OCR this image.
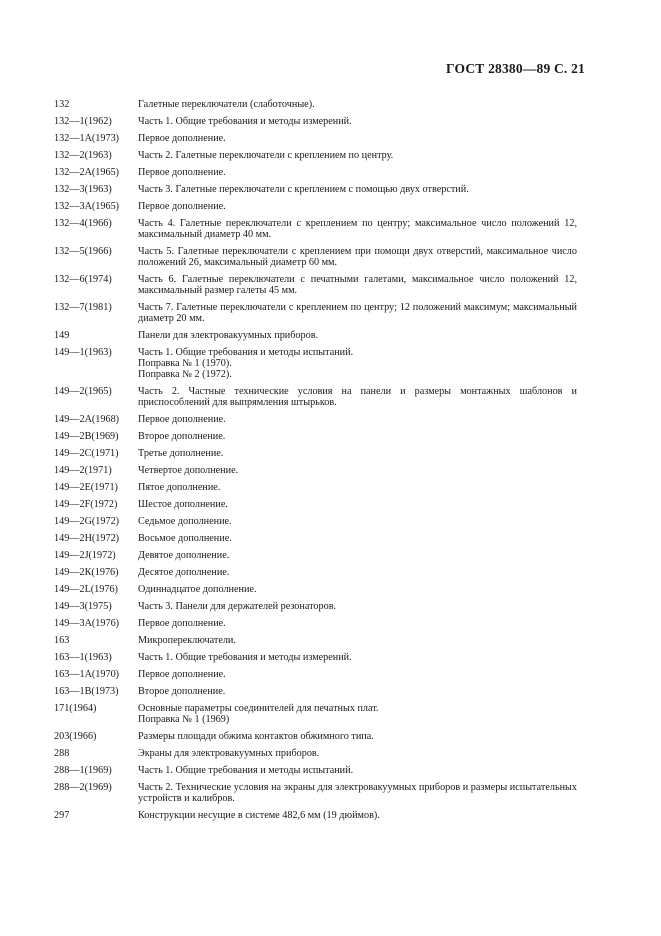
ГОСТ 28380—89 С. 21
132	Галетные переключатели (слаботочные).
132—1(1962)	Часть 1. Общие требования и методы измерений.
132—1А(1973)	Первое дополнение.
132—2(1963)	Часть 2. Галетные переключатели с креплением по центру.
132—2А(1965)	Первое дополнение.
132—3(1963)	Часть 3. Галетные переключатели с креплением с помощью двух отверстий.
132—3А(1965)	Первое дополнение.
132—4(1966)	Часть 4. Галетные переключатели с креплением по центру; максимальное число положений 12, максимальный диаметр 40 мм.
132—5(1966)	Часть 5. Галетные переключатели с креплением при помощи двух отверстий, максимальное число положений 26, максимальный диаметр 60 мм.
132—6(1974)	Часть 6. Галетные переключатели с печатными галетами, максимальное число положений 12, максимальный размер галеты 45 мм.
132—7(1981)	Часть 7. Галетные переключатели с креплением по центру; 12 положений максимум; максимальный диаметр 20 мм.
149	Панели для электровакуумных приборов.
149—1(1963)	Часть 1. Общие требования и методы испытаний.
Поправка № 1 (1970).
Поправка № 2 (1972).
149—2(1965)	Часть 2. Частные технические условия на панели и размеры монтажных шаблонов и приспособлений для выпрямления штырьков.
149—2А(1968)	Первое дополнение.
149—2В(1969)	Второе дополнение.
149—2С(1971)	Третье дополнение.
149—2(1971)	Четвертое дополнение.
149—2Е(1971)	Пятое дополнение.
149—2F(1972)	Шестое дополнение.
149—2G(1972)	Седьмое дополнение.
149—2Н(1972)	Восьмое дополнение.
149—2J(1972)	Девятое дополнение.
149—2К(1976)	Десятое дополнение.
149—2L(1976)	Одиннадцатое дополнение.
149—3(1975)	Часть 3. Панели для держателей резонаторов.
149—3А(1976)	Первое дополнение.
163	Микропереключатели.
163—1(1963)	Часть 1. Общие требования и методы измерений.
163—1А(1970)	Первое дополнение.
163—1В(1973)	Второе дополнение.
171(1964)	Основные параметры соединителей для печатных плат.
Поправка № 1 (1969)
203(1966)	Размеры площади обжима контактов обжимного типа.
288	Экраны для электровакуумных приборов.
288—1(1969)	Часть 1. Общие требования и методы испытаний.
288—2(1969)	Часть 2. Технические условия на экраны для электровакуумных приборов и размеры испытательных устройств и калибров.
297	Конструкции несущие в системе 482,6 мм (19 дюймов).
